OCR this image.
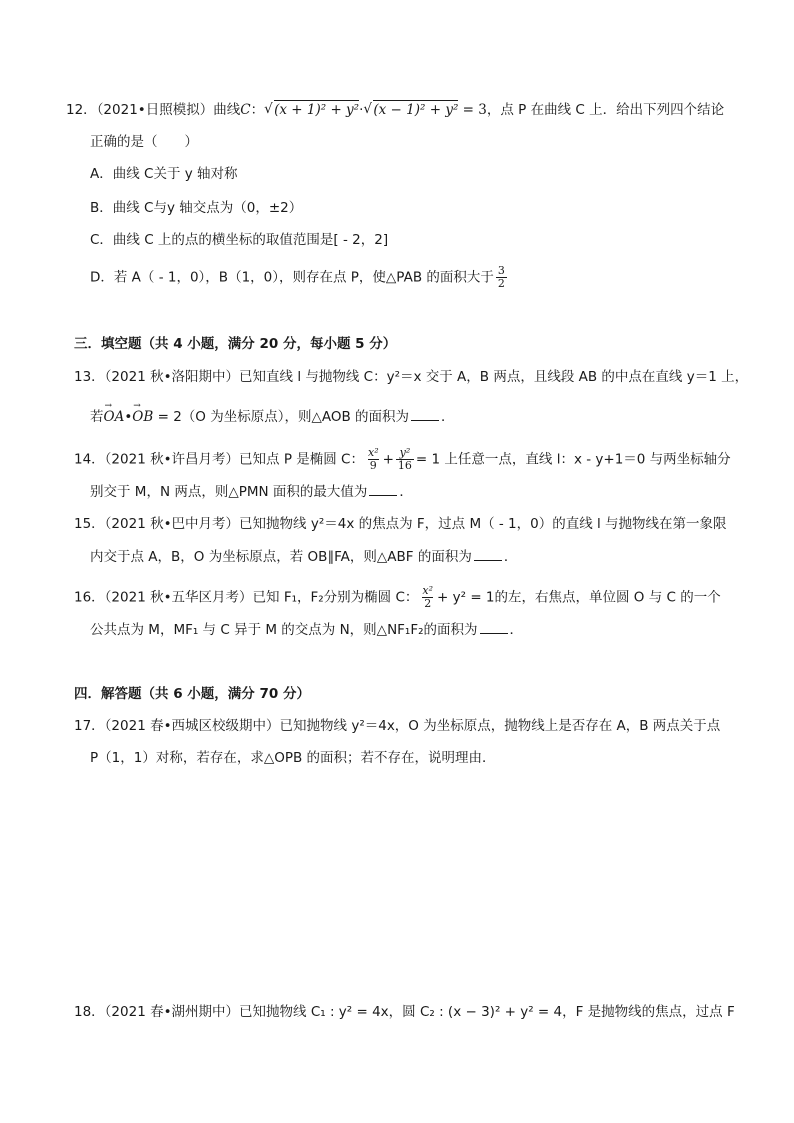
12．（2021•日照模拟）曲线C： √ (x + 1)² + y²· √ (x − 1)² + y² = 3，点 P 在曲线 C 上．给出下列四个结论
正确的是（　　）
A．曲线 C关于 y 轴对称
B．曲线 C与y 轴交点为（0，±2）
C．曲线 C 上的点的横坐标的取值范围是[ - 2，2]
D．若 A（ - 1，0），B（1，0），则存在点 P，使△PAB 的面积大于 $\frac{3}{2}$
三．填空题（共 4 小题，满分 20 分，每小题 5 分）
13．（2021 秋•洛阳期中）已知直线 l 与抛物线 C：y²＝x 交于 A，B 两点，且线段 AB 的中点在直线 y＝1 上，
若→ OA•→ OB = 2（O 为坐标原点），则△AOB 的面积为 ．
14．（2021 秋•许昌月考）已知点 P 是椭圆 C： $\frac{\text{x²}}{9} + \frac{\text{y²}}{16} = 1$ 上任意一点，直线 l：x - y+1＝0 与两坐标轴分
别交于 M，N 两点，则△PMN 面积的最大值为 ．
15．（2021 秋•巴中月考）已知抛物线 y²＝4x 的焦点为 F，过点 M（ - 1，0）的直线 l 与抛物线在第一象限
内交于点 A，B，O 为坐标原点，若 OB∥FA，则△ABF 的面积为 ．
16．（2021 秋•五华区月考）已知 F₁，F₂分别为椭圆 C： $\frac{\text{x²}}{2} + y^2 = 1$的左，右焦点，单位圆 O 与 C 的一个
公共点为 M，MF₁ 与 C 异于 M 的交点为 N，则△NF₁F₂的面积为 ．
四．解答题（共 6 小题，满分 70 分）
17．（2021 春•西城区校级期中）已知抛物线 y²＝4x，O 为坐标原点，抛物线上是否存在 A，B 两点关于点
P（1，1）对称，若存在，求△OPB 的面积；若不存在，说明理由．
18．（2021 春•湖州期中）已知抛物线 C₁ : y² = 4x，圆 C₂ : (x − 3)² + y² = 4，F 是抛物线的焦点，过点 F
